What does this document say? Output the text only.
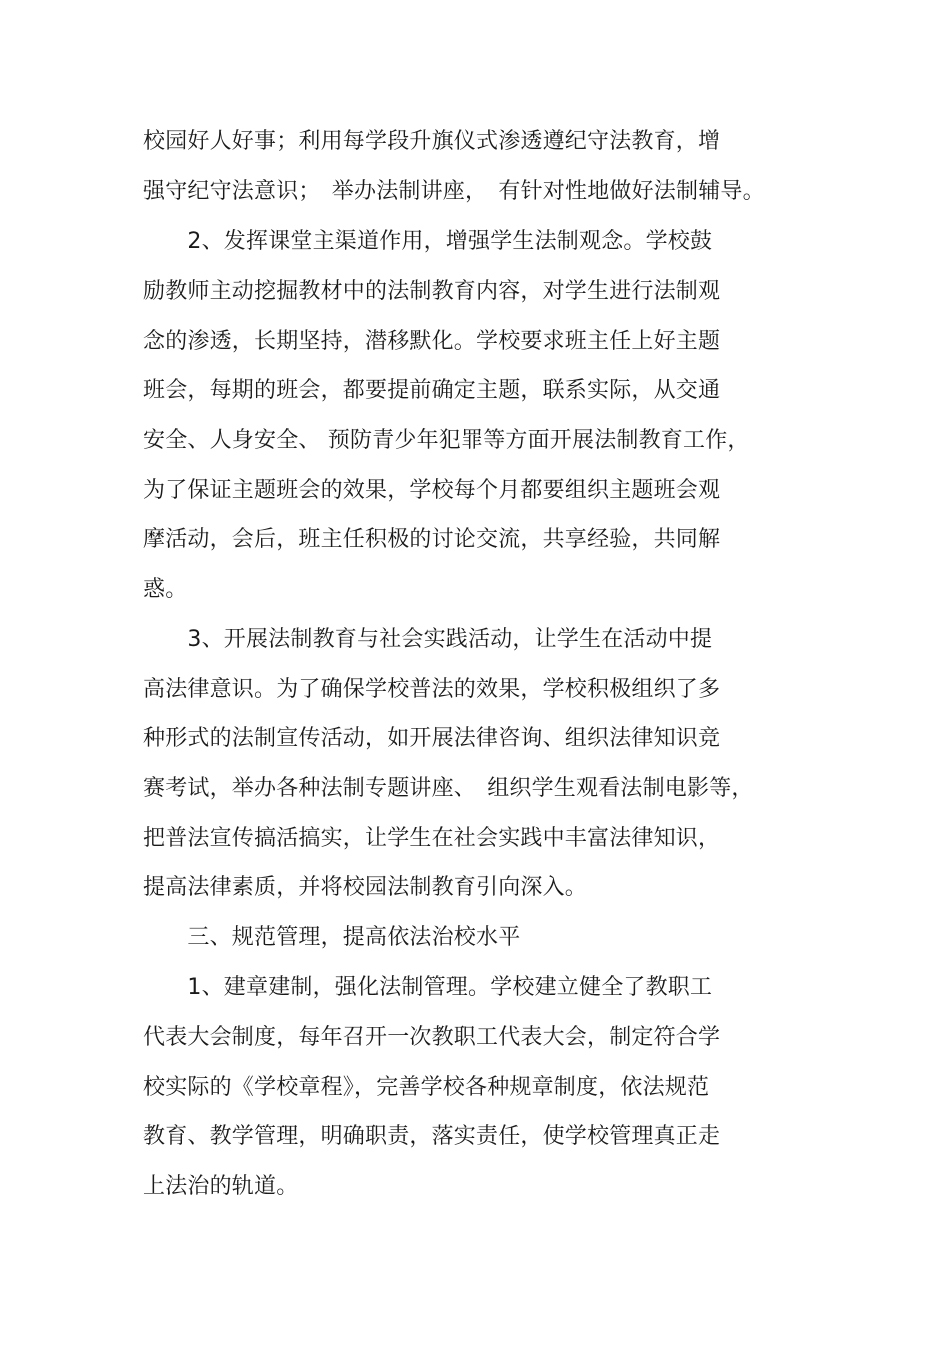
校园好人好事；利用每学段升旗仪式渗透遵纪守法教育，增
强守纪守法意识；　举办法制讲座，　有针对性地做好法制辅导。
　　2、发挥课堂主渠道作用，增强学生法制观念。学校鼓
励教师主动挖掘教材中的法制教育内容，对学生进行法制观
念的渗透，长期坚持，潜移默化。学校要求班主任上好主题
班会，每期的班会，都要提前确定主题，联系实际，从交通
安全、人身安全、 预防青少年犯罪等方面开展法制教育工作，
为了保证主题班会的效果，学校每个月都要组织主题班会观
摩活动，会后，班主任积极的讨论交流，共享经验，共同解
惑。
　　3、开展法制教育与社会实践活动，让学生在活动中提
高法律意识。为了确保学校普法的效果，学校积极组织了多
种形式的法制宣传活动，如开展法律咨询、组织法律知识竞
赛考试，举办各种法制专题讲座、　组织学生观看法制电影等，
把普法宣传搞活搞实，让学生在社会实践中丰富法律知识，
提高法律素质，并将校园法制教育引向深入。
　　三、规范管理，提高依法治校水平
　　1、建章建制，强化法制管理。学校建立健全了教职工
代表大会制度，每年召开一次教职工代表大会，制定符合学
校实际的《学校章程》，完善学校各种规章制度，依法规范
教育、教学管理，明确职责，落实责任，使学校管理真正走
上法治的轨道。
